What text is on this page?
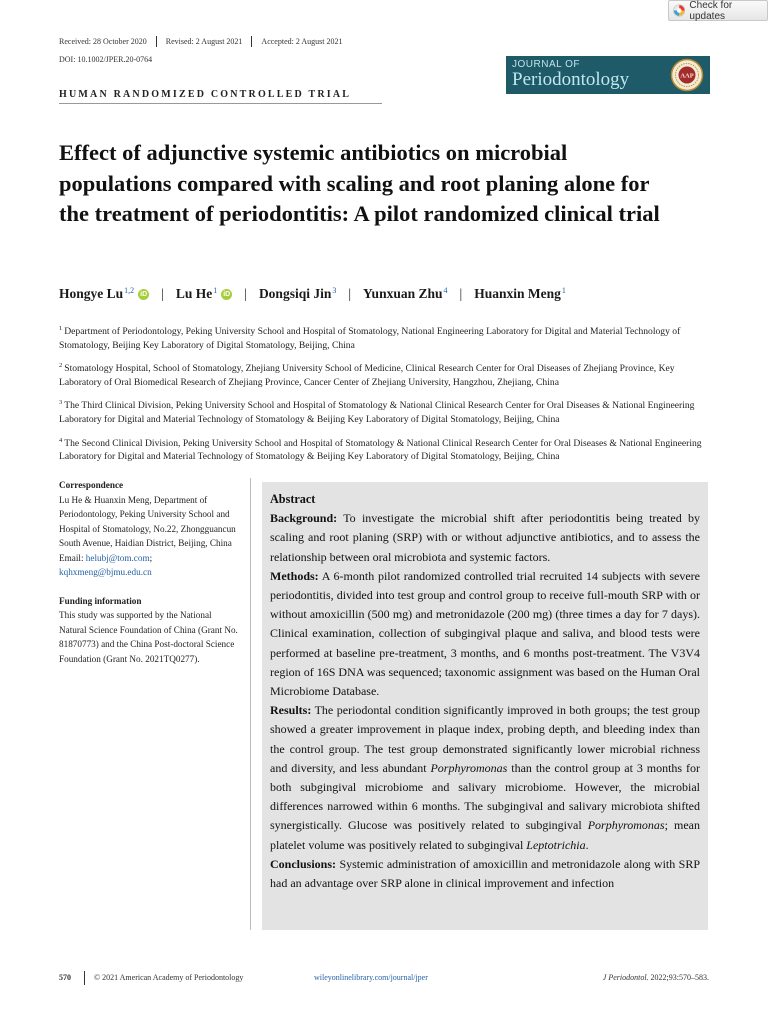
Check for updates
Received: 28 October 2020	Revised: 2 August 2021	Accepted: 2 August 2021
DOI: 10.1002/JPER.20-0764
HUMAN RANDOMIZED CONTROLLED TRIAL
JOURNAL OF
Periodontology	AAP
Effect of adjunctive systemic antibiotics on microbial populations compared with scaling and root planing alone for the treatment of periodontitis: A pilot randomized clinical trial
Hongye Lu$^{1,2}$ iD | Lu He$^1$ iD | Dongsiqi Jin$^3$ | Yunxuan Zhu$^4$ | Huanxin Meng$^1$
$^1$ Department of Periodontology, Peking University School and Hospital of Stomatology, National Engineering Laboratory for Digital and Material Technology of Stomatology, Beijing Key Laboratory of Digital Stomatology, Beijing, China
$^2$ Stomatology Hospital, School of Stomatology, Zhejiang University School of Medicine, Clinical Research Center for Oral Diseases of Zhejiang Province, Key Laboratory of Oral Biomedical Research of Zhejiang Province, Cancer Center of Zhejiang University, Hangzhou, Zhejiang, China
$^3$ The Third Clinical Division, Peking University School and Hospital of Stomatology & National Clinical Research Center for Oral Diseases & National Engineering Laboratory for Digital and Material Technology of Stomatology & Beijing Key Laboratory of Digital Stomatology, Beijing, China
$^4$ The Second Clinical Division, Peking University School and Hospital of Stomatology & National Clinical Research Center for Oral Diseases & National Engineering Laboratory for Digital and Material Technology of Stomatology & Beijing Key Laboratory of Digital Stomatology, Beijing, China
Correspondence
Lu He & Huanxin Meng, Department of Periodontology, Peking University School and Hospital of Stomatology, No.22, Zhongguancun South Avenue, Haidian District, Beijing, China
Email: helubj@tom.com;
kqhxmeng@bjmu.edu.cn
Funding information
This study was supported by the National Natural Science Foundation of China (Grant No. 81870773) and the China Post-doctoral Science Foundation (Grant No. 2021TQ0277).
Abstract

Background: To investigate the microbial shift after periodontitis being treated by scaling and root planing (SRP) with or without adjunctive antibiotics, and to assess the relationship between oral microbiota and systemic factors.

Methods: A 6-month pilot randomized controlled trial recruited 14 subjects with severe periodontitis, divided into test group and control group to receive full-mouth SRP with or without amoxicillin (500 mg) and metronidazole (200 mg) (three times a day for 7 days). Clinical examination, collection of subgingival plaque and saliva, and blood tests were performed at baseline pre-treatment, 3 months, and 6 months post-treatment. The V3V4 region of 16S DNA was sequenced; taxonomic assignment was based on the Human Oral Microbiome Database.

Results: The periodontal condition significantly improved in both groups; the test group showed a greater improvement in plaque index, probing depth, and bleeding index than the control group. The test group demonstrated significantly lower microbial richness and diversity, and less abundant Porphyromonas than the control group at 3 months for both subgingival microbiome and salivary microbiome. However, the microbial differences narrowed within 6 months. The subgingival and salivary microbiota shifted synergistically. Glucose was positively related to subgingival Porphyromonas; mean platelet volume was positively related to subgingival Leptotrichia.

Conclusions: Systemic administration of amoxicillin and metronidazole along with SRP had an advantage over SRP alone in clinical improvement and infection

570	© 2021 American Academy of Periodontology	wileyonlinelibrary.com/journal/jper	J Periodontol. 2022;93:570–583.
